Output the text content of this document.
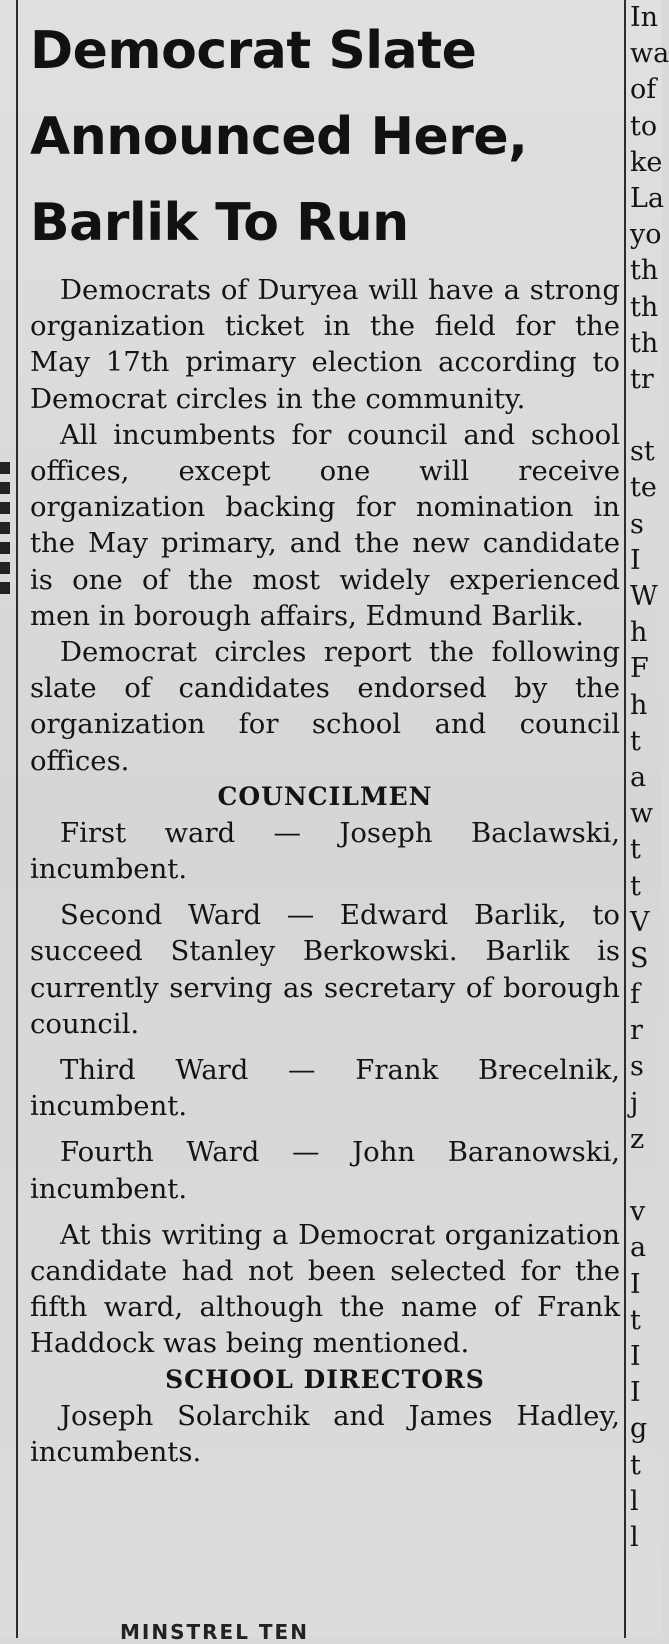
Democrat Slate
Announced Here,
Barlik To Run

Democrats of Duryea will have a strong organization ticket in the field for the May 17th primary election according to Democrat circles in the community.

All incumbents for council and school offices, except one will receive organization backing for nomination in the May primary, and the new candidate is one of the most widely experienced men in borough affairs, Edmund Barlik.

Democrat circles report the following slate of candidates endorsed by the organization for school and council offices.

COUNCILMEN

First ward — Joseph Baclawski, incumbent.

Second Ward — Edward Barlik, to succeed Stanley Berkowski. Barlik is currently serving as secretary of borough council.

Third Ward — Frank Brecelnik, incumbent.

Fourth Ward — John Baranowski, incumbent.

At this writing a Democrat organization candidate had not been selected for the fifth ward, although the name of Frank Haddock was being mentioned.

SCHOOL DIRECTORS

Joseph Solarchik and James Hadley, incumbents.

MINSTREL TEN
In
wa
of
to
ke
La
yo
th
th
th
tr
st
te
s
I
W
h
F
h
t
a
w
t
t
V
S
f
r
s
j
z
v
a
I
t
I
I
g
t
l
l
